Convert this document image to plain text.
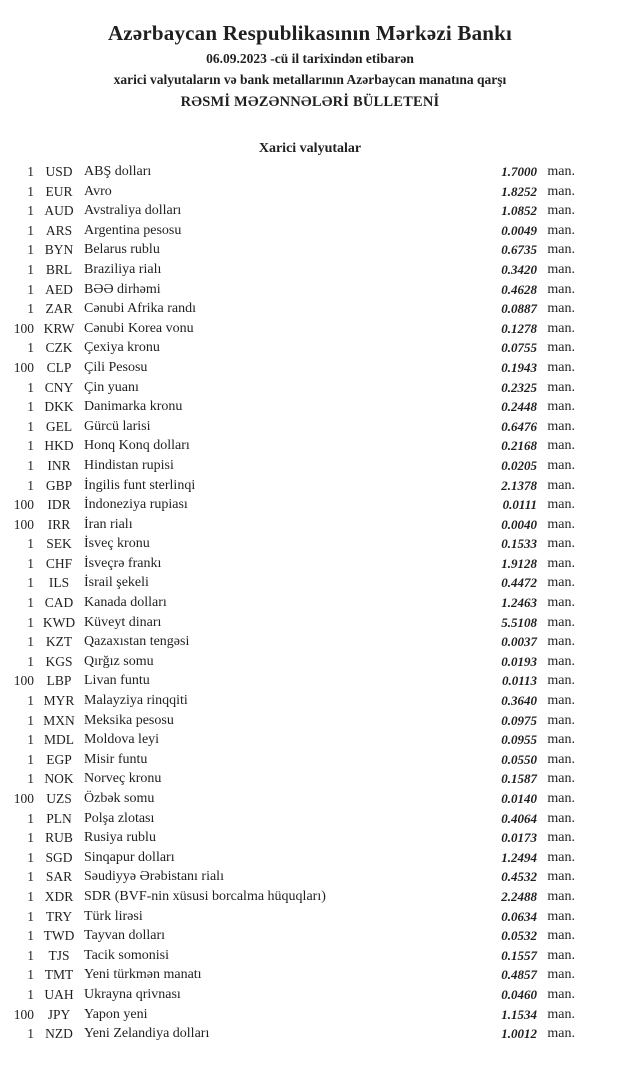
Azərbaycan Respublikasının Mərkəzi Bankı
06.09.2023 -cü il tarixindən etibarən
xarici valyutaların və bank metallarının Azərbaycan manatına qarşı
RƏSMİ MƏZƏNNƏLƏRİ BÜLLETENİ
Xarici valyutalar
1 USD ABŞ dolları	1.7000 man.
1 EUR Avro	1.8252 man.
1 AUD Avstraliya dolları	1.0852 man.
1 ARS Argentina pesosu	0.0049 man.
1 BYN Belarus rublu	0.6735 man.
1 BRL Braziliya rialı	0.3420 man.
1 AED BƏƏ dirhəmi	0.4628 man.
1 ZAR Cənubi Afrika randı	0.0887 man.
100 KRW Cənubi Korea vonu	0.1278 man.
1 CZK Çexiya kronu	0.0755 man.
100 CLP Çili Pesosu	0.1943 man.
1 CNY Çin yuanı	0.2325 man.
1 DKK Danimarka kronu	0.2448 man.
1 GEL Gürcü larisi	0.6476 man.
1 HKD Honq Konq dolları	0.2168 man.
1 INR Hindistan rupisi	0.0205 man.
1 GBP İngilis funt sterlinqi	2.1378 man.
100 IDR İndoneziya rupiası	0.0111 man.
100	IRR İran rialı	0.0040 man.
1 SEK İsveç kronu	0.1533 man.
1 CHF İsveçrə frankı	1.9128 man.
1	ILS	İsrail şekeli	0.4472 man.
1 CAD Kanada dolları	1.2463 man.
1 KWD Küveyt dinarı	5.5108 man.
1 KZT Qazaxıstan tengəsi	0.0037 man.
1 KGS Qırğız somu	0.0193 man.
100 LBP Livan funtu	0.0113 man.
1 MYR Malayziya rinqqiti	0.3640 man.
1 MXN Meksika pesosu	0.0975 man.
1 MDL Moldova leyi	0.0955 man.
1 EGP Misir funtu	0.0550 man.
1 NOK Norveç kronu	0.1587 man.
100 UZS Özbək somu	0.0140 man.
1 PLN Polşa zlotası	0.4064 man.
1 RUB Rusiya rublu	0.0173 man.
1 SGD Sinqapur dolları	1.2494 man.
1 SAR Səudiyyə Ərəbistanı rialı	0.4532 man.
1 XDR SDR (BVF-nin xüsusi borcalma hüquqları)	2.2488 man.
1 TRY Türk lirəsi	0.0634 man.
1 TWD Tayvan dolları	0.0532 man.
1	TJS	Tacik somonisi	0.1557 man.
1 TMT Yeni türkmən manatı	0.4857 man.
1 UAH Ukrayna qrivnası	0.0460 man.
100	JPY Yapon yeni	1.1534 man.
1 NZD Yeni Zelandiya dolları	1.0012 man.
